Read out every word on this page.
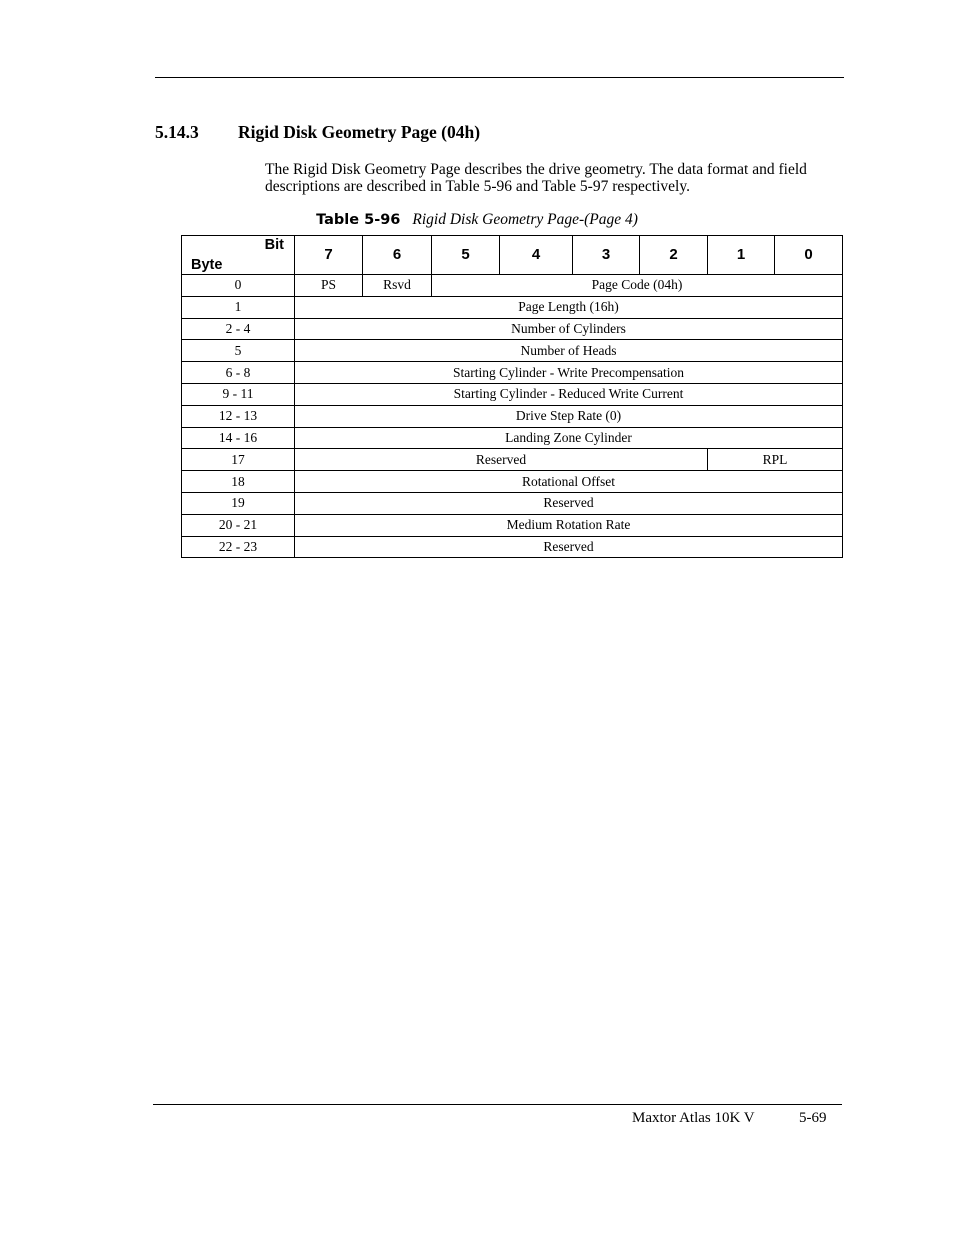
5.14.3 Rigid Disk Geometry Page (04h)

The Rigid Disk Geometry Page describes the drive geometry. The data format and field descriptions are described in Table 5-96 and Table 5-97 respectively.

Table 5-96 Rigid Disk Geometry Page-(Page 4)
Bit
Byte	7	6	5	4	3	2	1	0
0	PS	Rsvd	Page Code (04h)					
1	Page Length (16h)							
2 - 4	Number of Cylinders							
5	Number of Heads							
6 - 8	Starting Cylinder - Write Precompensation							
9 - 11	Starting Cylinder - Reduced Write Current							
12 - 13	Drive Step Rate (0)							
14 - 16	Landing Zone Cylinder							
17	Reserved						RPL	
18	Rotational Offset							
19	Reserved							
20 - 21	Medium Rotation Rate							
22 - 23	Reserved							
Maxtor Atlas 10K V	5-69
